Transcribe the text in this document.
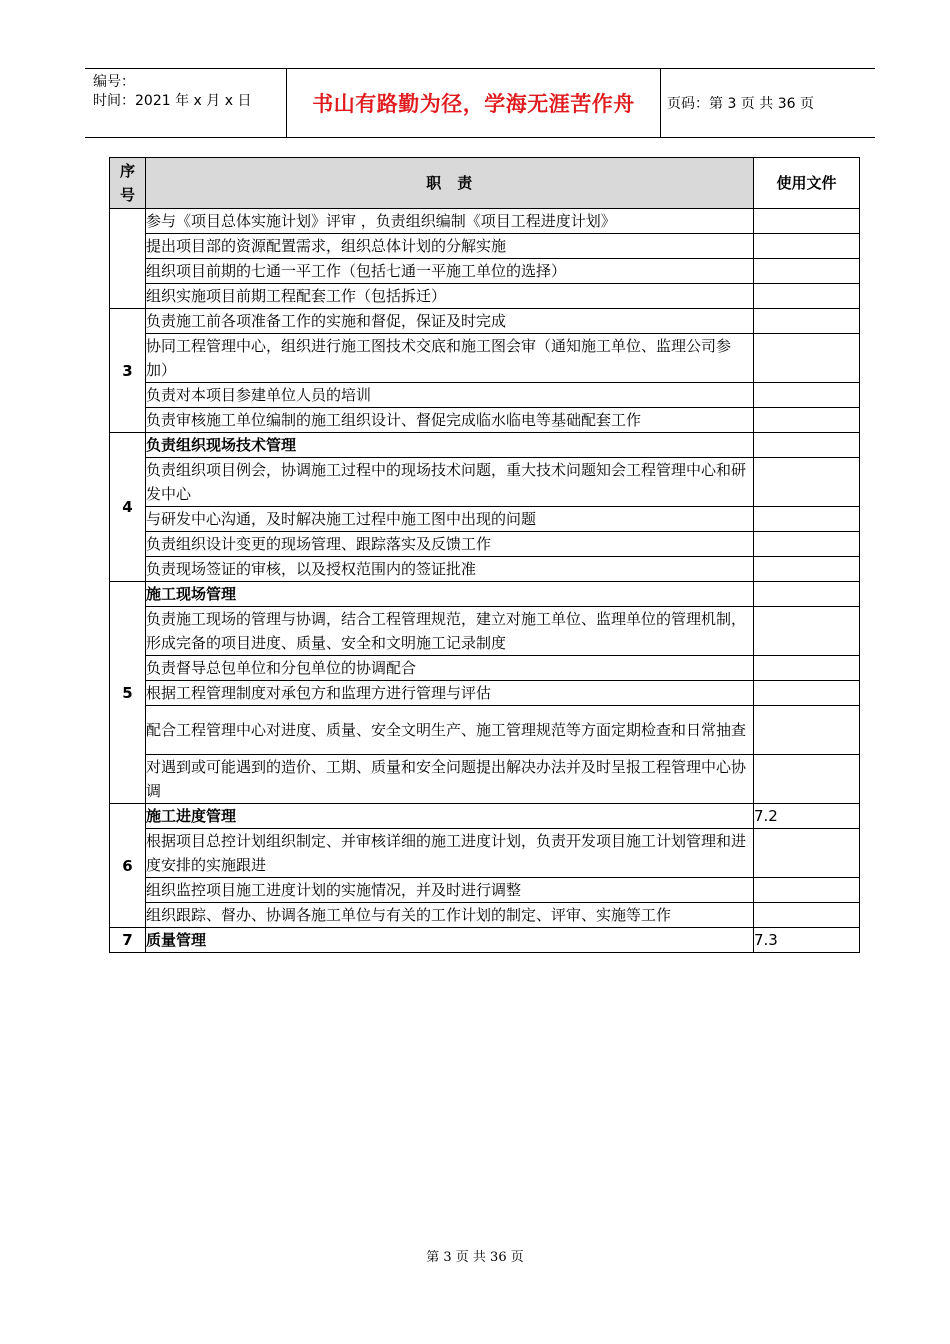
编号：
时间：2021 年 x 月 x 日	书山有路勤为径，学海无涯苦作舟 页码：第 3 页 共 36 页
序
号	职　责	使用文件
	参与《项目总体实施计划》评审 ，负责组织编制《项目工程进度计划》	
	提出项目部的资源配置需求，组织总体计划的分解实施	
	组织项目前期的七通一平工作（包括七通一平施工单位的选择）	
	组织实施项目前期工程配套工作（包括拆迁）	
3	负责施工前各项准备工作的实施和督促，保证及时完成	
	协同工程管理中心，组织进行施工图技术交底和施工图会审（通知施工单位、监理公司参加）	
	负责对本项目参建单位人员的培训	
	负责审核施工单位编制的施工组织设计、督促完成临水临电等基础配套工作	
4	负责组织现场技术管理	
	负责组织项目例会，协调施工过程中的现场技术问题，重大技术问题知会工程管理中心和研发中心	
	与研发中心沟通，及时解决施工过程中施工图中出现的问题	
	负责组织设计变更的现场管理、跟踪落实及反馈工作	
	负责现场签证的审核，以及授权范围内的签证批准	
5	施工现场管理	
	负责施工现场的管理与协调，结合工程管理规范，建立对施工单位、监理单位的管理机制，形成完备的项目进度、质量、安全和文明施工记录制度	
	负责督导总包单位和分包单位的协调配合	
	根据工程管理制度对承包方和监理方进行管理与评估	
	配合工程管理中心对进度、质量、安全文明生产、施工管理规范等方面定期检查和日常抽查	
	对遇到或可能遇到的造价、工期、质量和安全问题提出解决办法并及时呈报工程管理中心协调	
6	施工进度管理	7.2
	根据项目总控计划组织制定、并审核详细的施工进度计划，负责开发项目施工计划管理和进度安排的实施跟进	
	组织监控项目施工进度计划的实施情况，并及时进行调整	
	组织跟踪、督办、协调各施工单位与有关的工作计划的制定、评审、实施等工作	
7	质量管理	7.3
第 3 页 共 36 页
